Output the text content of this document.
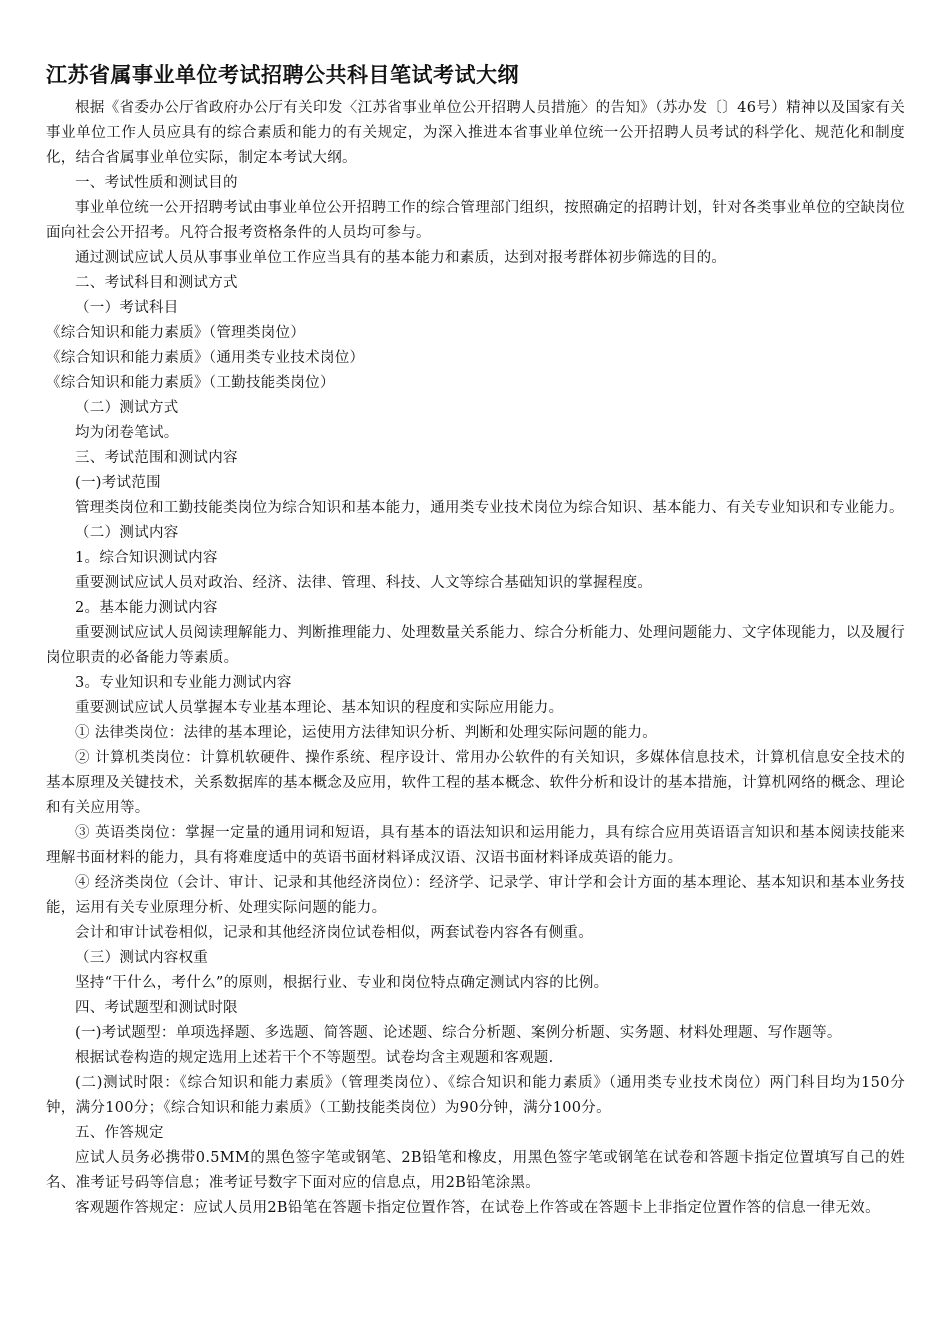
江苏省属事业单位考试招聘公共科目笔试考试大纲

根据《省委办公厅省政府办公厅有关印发〈江苏省事业单位公开招聘人员措施〉的告知》（苏办发〔〕46号）精神以及国家有关事业单位工作人员应具有的综合素质和能力的有关规定，为深入推进本省事业单位统一公开招聘人员考试的科学化、规范化和制度化，结合省属事业单位实际，制定本考试大纲。

一、考试性质和测试目的

事业单位统一公开招聘考试由事业单位公开招聘工作的综合管理部门组织，按照确定的招聘计划，针对各类事业单位的空缺岗位面向社会公开招考。凡符合报考资格条件的人员均可参与。

通过测试应试人员从事事业单位工作应当具有的基本能力和素质，达到对报考群体初步筛选的目的。

二、考试科目和测试方式

（一）考试科目

《综合知识和能力素质》（管理类岗位）

《综合知识和能力素质》（通用类专业技术岗位）

《综合知识和能力素质》（工勤技能类岗位）

（二）测试方式

均为闭卷笔试。

三、考试范围和测试内容

(一)考试范围

管理类岗位和工勤技能类岗位为综合知识和基本能力，通用类专业技术岗位为综合知识、基本能力、有关专业知识和专业能力。

（二）测试内容

1。综合知识测试内容

重要测试应试人员对政治、经济、法律、管理、科技、人文等综合基础知识的掌握程度。

2。基本能力测试内容

重要测试应试人员阅读理解能力、判断推理能力、处理数量关系能力、综合分析能力、处理问题能力、文字体现能力，以及履行岗位职责的必备能力等素质。

3。专业知识和专业能力测试内容

重要测试应试人员掌握本专业基本理论、基本知识的程度和实际应用能力。

① 法律类岗位：法律的基本理论，运使用方法律知识分析、判断和处理实际问题的能力。

② 计算机类岗位：计算机软硬件、操作系统、程序设计、常用办公软件的有关知识，多媒体信息技术，计算机信息安全技术的基本原理及关键技术，关系数据库的基本概念及应用，软件工程的基本概念、软件分析和设计的基本措施，计算机网络的概念、理论和有关应用等。

③ 英语类岗位：掌握一定量的通用词和短语，具有基本的语法知识和运用能力，具有综合应用英语语言知识和基本阅读技能来理解书面材料的能力，具有将难度适中的英语书面材料译成汉语、汉语书面材料译成英语的能力。

④ 经济类岗位（会计、审计、记录和其他经济岗位）：经济学、记录学、审计学和会计方面的基本理论、基本知识和基本业务技能，运用有关专业原理分析、处理实际问题的能力。

会计和审计试卷相似，记录和其他经济岗位试卷相似，两套试卷内容各有侧重。

（三）测试内容权重

坚持“干什么，考什么”的原则，根据行业、专业和岗位特点确定测试内容的比例。

四、考试题型和测试时限

(一)考试题型：单项选择题、多选题、简答题、论述题、综合分析题、案例分析题、实务题、材料处理题、写作题等。

根据试卷构造的规定选用上述若干个不等题型。试卷均含主观题和客观题.

(二)测试时限：《综合知识和能力素质》（管理类岗位）、《综合知识和能力素质》（通用类专业技术岗位）两门科目均为150分钟，满分100分；《综合知识和能力素质》（工勤技能类岗位）为90分钟，满分100分。

五、作答规定

应试人员务必携带0.5MM的黑色签字笔或钢笔、2B铅笔和橡皮，用黑色签字笔或钢笔在试卷和答题卡指定位置填写自己的姓名、准考证号码等信息；准考证号数字下面对应的信息点，用2B铅笔涂黑。

客观题作答规定：应试人员用2B铅笔在答题卡指定位置作答，在试卷上作答或在答题卡上非指定位置作答的信息一律无效。
